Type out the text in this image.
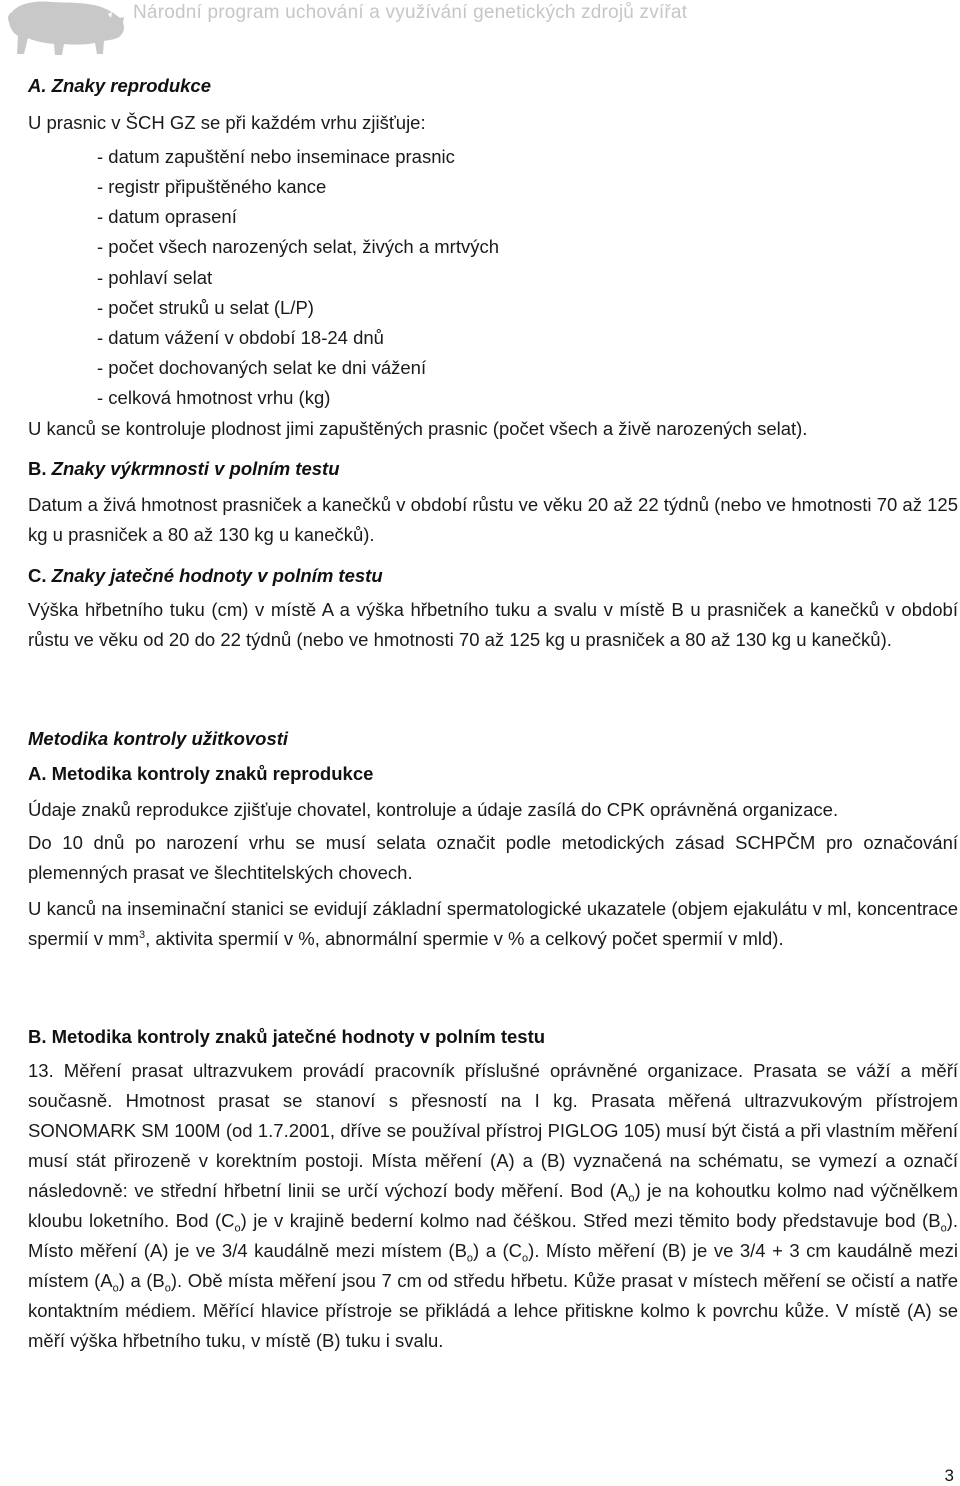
Národní program uchování a využívání genetických zdrojů zvířat
A. Znaky reprodukce
U prasnic v ŠCH GZ se při každém vrhu zjišťuje:
- datum zapuštění nebo inseminace prasnic
- registr připuštěného kance
- datum oprasení
- počet všech narozených selat, živých a mrtvých
- pohlaví selat
- počet struků u selat (L/P)
- datum vážení v období 18-24 dnů
- počet dochovaných selat ke dni vážení
- celková hmotnost vrhu (kg)
U kanců se kontroluje plodnost jimi zapuštěných prasnic (počet všech a živě narozených selat).
B. Znaky výkrmnosti v polním testu

Datum a živá hmotnost prasniček a kanečků v období růstu ve věku 20 až 22 týdnů (nebo ve hmotnosti 70 až 125 kg u prasniček a 80 až 130 kg u kanečků).

C. Znaky jatečné hodnoty v polním testu

Výška hřbetního tuku (cm) v místě A a výška hřbetního tuku a svalu v místě B u prasniček a kanečků v období růstu ve věku od 20 do 22 týdnů (nebo ve hmotnosti 70 až 125 kg u prasniček a 80 až 130 kg u kanečků).

Metodika kontroly užitkovosti
A. Metodika kontroly znaků reprodukce

Údaje znaků reprodukce zjišťuje chovatel, kontroluje a údaje zasílá do CPK oprávněná organizace.

Do 10 dnů po narození vrhu se musí selata označit podle metodických zásad SCHPČM pro označování plemenných prasat ve šlechtitelských chovech.

U kanců na inseminační stanici se evidují základní spermatologické ukazatele (objem ejakulátu v ml, koncentrace spermií v $mm^3$, aktivita spermií v %, abnormální spermie v % a celkový počet spermií v mld).

B. Metodika kontroly znaků jatečné hodnoty v polním testu

13. Měření prasat ultrazvukem provádí pracovník příslušné oprávněné organizace. Prasata se váží a měří současně. Hmotnost prasat se stanoví s přesností na I kg. Prasata měřená ultrazvukovým přístrojem SONOMARK SM 100M (od 1.7.2001, dříve se používal přístroj PIGLOG 105) musí být čistá a při vlastním měření musí stát přirozeně v korektním postoji. Místa měření (A) a (B) vyznačená na schématu, se vymezí a označí následovně: ve střední hřbetní linii se určí výchozí body měření. Bod $(A_o)$ je na kohoutku kolmo nad výčnělkem kloubu loketního. Bod $(C_o)$ je v krajině bederní kolmo nad čéškou. Střed mezi těmito body představuje bod $(B_o)$. Místo měření (A) je ve 3/4 kaudálně mezi místem $(B_o)$ a $(C_o)$. Místo měření (B) je ve 3/4 + 3 cm kaudálně mezi místem $(A_o)$ a $(B_o)$. Obě místa měření jsou 7 cm od středu hřbetu. Kůže prasat v místech měření se očistí a natře kontaktním médiem. Měřící hlavice přístroje se přikládá a lehce přitiskne kolmo k povrchu kůže. V místě (A) se měří výška hřbetního tuku, v místě (B) tuku i svalu.

3
